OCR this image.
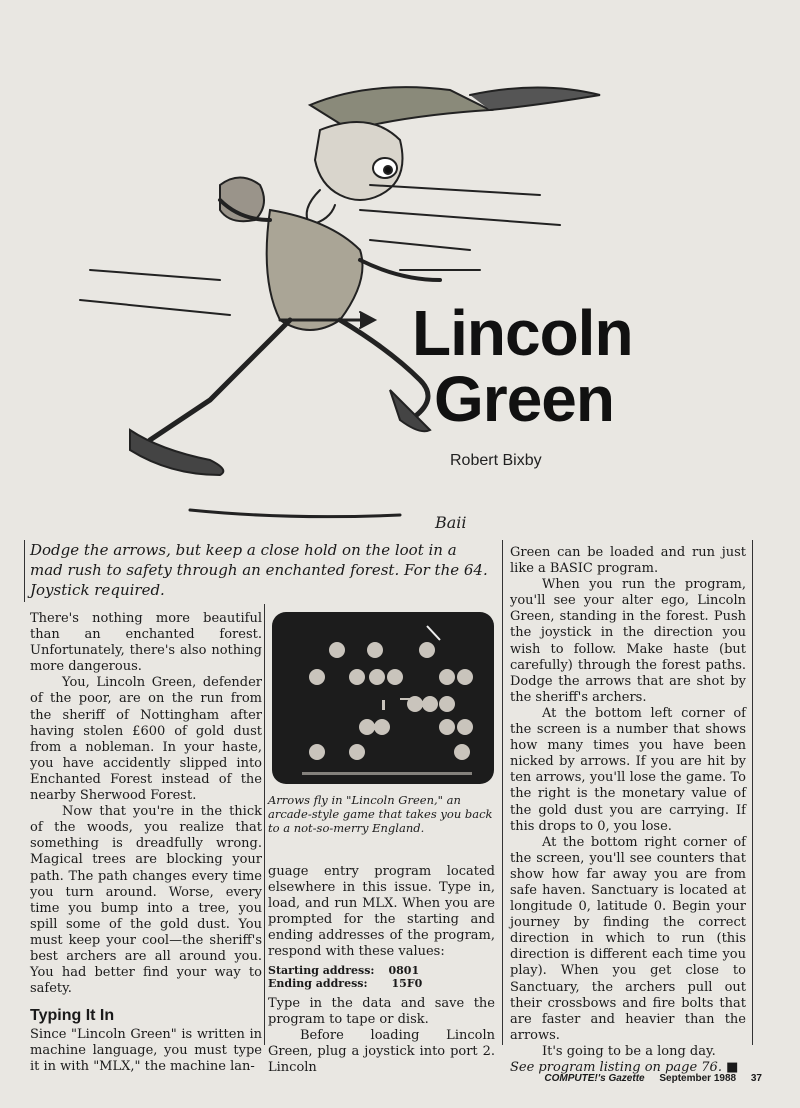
Baii
Lincoln
Green
Robert Bixby
Dodge the arrows, but keep a close hold on the loot in a mad rush to safety through an enchanted forest. For the 64. Joystick required.

There's nothing more beautiful than an enchanted forest. Unfortunately, there's also nothing more dangerous.

You, Lincoln Green, defender of the poor, are on the run from the sheriff of Nottingham after having stolen £600 of gold dust from a nobleman. In your haste, you have accidently slipped into Enchanted Forest instead of the nearby Sherwood Forest.

Now that you're in the thick of the woods, you realize that something is dreadfully wrong. Magical trees are blocking your path. The path changes every time you turn around. Worse, every time you bump into a tree, you spill some of the gold dust. You must keep your cool—the sheriff's best archers are all around you. You had better find your way to safety.

Typing It In

Since "Lincoln Green" is written in machine language, you must type it in with "MLX," the machine lan-

Arrows fly in "Lincoln Green," an arcade-style game that takes you back to a not-so-merry England.

guage entry program located elsewhere in this issue. Type in, load, and run MLX. When you are prompted for the starting and ending addresses of the program, respond with these values:

Starting address: 0801
Ending address: 15F0

Type in the data and save the program to tape or disk.

Before loading Lincoln Green, plug a joystick into port 2. Lincoln

Green can be loaded and run just like a BASIC program.

When you run the program, you'll see your alter ego, Lincoln Green, standing in the forest. Push the joystick in the direction you wish to follow. Make haste (but carefully) through the forest paths. Dodge the arrows that are shot by the sheriff's archers.

At the bottom left corner of the screen is a number that shows how many times you have been nicked by arrows. If you are hit by ten arrows, you'll lose the game. To the right is the monetary value of the gold dust you are carrying. If this drops to 0, you lose.

At the bottom right corner of the screen, you'll see counters that show how far away you are from safe haven. Sanctuary is located at longitude 0, latitude 0. Begin your journey by finding the correct direction in which to run (this direction is different each time you play). When you get close to Sanctuary, the archers pull out their crossbows and fire bolts that are faster and heavier than the arrows.

It's going to be a long day.

See program listing on page 76. ■

COMPUTE!'s Gazette September 1988 37
